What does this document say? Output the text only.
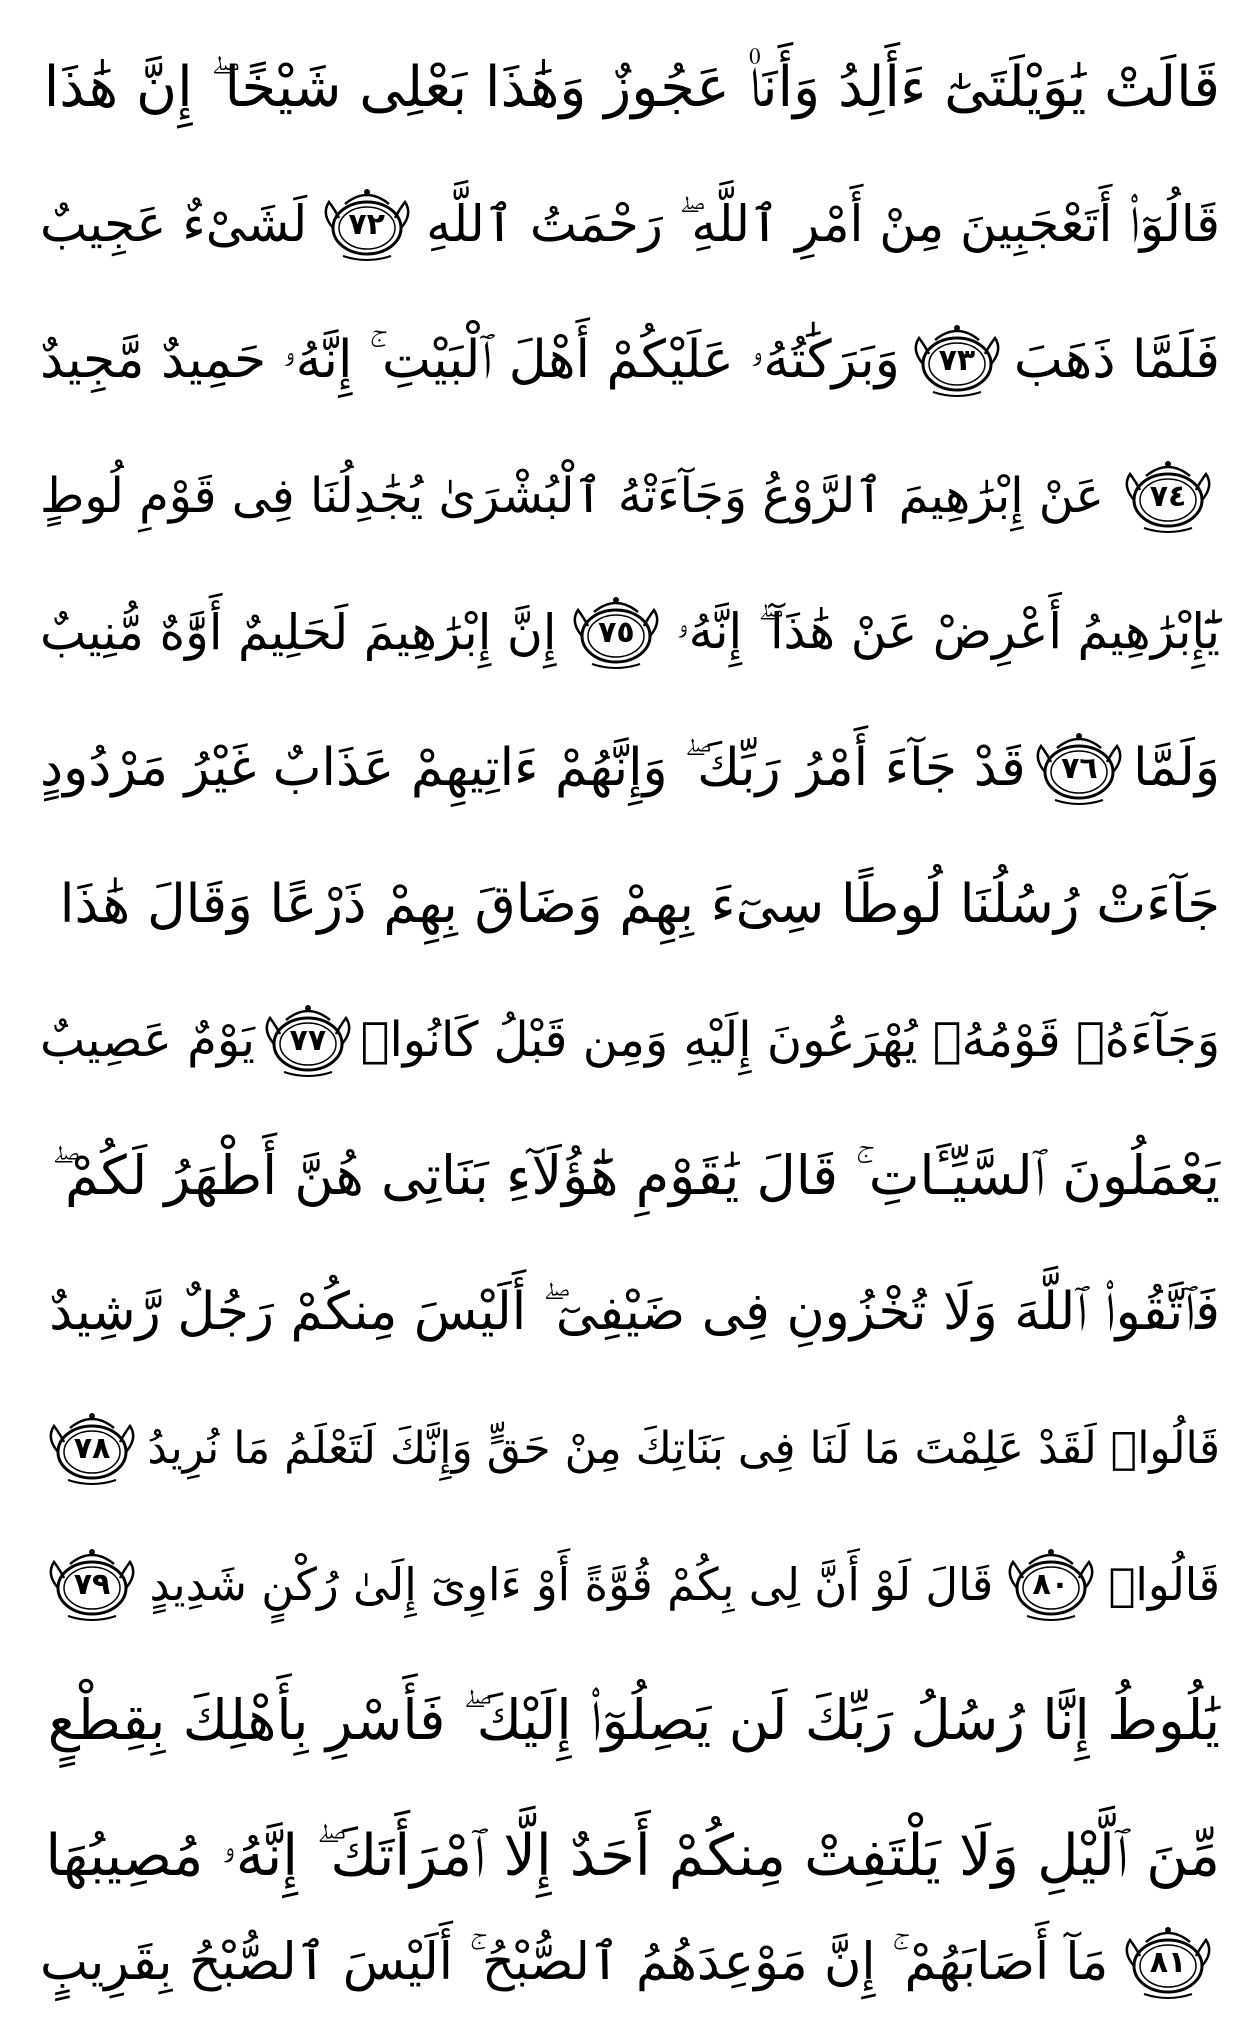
قَالَتْ يَٰوَيْلَتَىٰٓ ءَأَلِدُ وَأَنَا۠ عَجُوزٌ وَهَٰذَا بَعْلِى شَيْخًا ۖ إِنَّ هَٰذَا
قَالُوٓا۟ أَتَعْجَبِينَ مِنْ أَمْرِ ٱللَّهِ ۖ رَحْمَتُ ٱللَّهِ
٧٢
لَشَىْءٌ عَجِيبٌ
فَلَمَّا ذَهَبَ
٧٣
وَبَرَكَٰتُهُۥ عَلَيْكُمْ أَهْلَ ٱلْبَيْتِ ۚ إِنَّهُۥ حَمِيدٌ مَّجِيدٌ
٧٤
عَنْ إِبْرَٰهِيمَ ٱلرَّوْعُ وَجَآءَتْهُ ٱلْبُشْرَىٰ يُجَٰدِلُنَا فِى قَوْمِ لُوطٍ
يَٰٓإِبْرَٰهِيمُ أَعْرِضْ عَنْ هَٰذَآ ۖ إِنَّهُۥ
٧٥
إِنَّ إِبْرَٰهِيمَ لَحَلِيمٌ أَوَّٰهٌ مُّنِيبٌ
وَلَمَّا
٧٦
قَدْ جَآءَ أَمْرُ رَبِّكَ ۖ وَإِنَّهُمْ ءَاتِيهِمْ عَذَابٌ غَيْرُ مَرْدُودٍ
جَآءَتْ رُسُلُنَا لُوطًا سِىٓءَ بِهِمْ وَضَاقَ بِهِمْ ذَرْعًا وَقَالَ هَٰذَا
وَجَآءَهُۥ قَوْمُهُۥ يُهْرَعُونَ إِلَيْهِ وَمِن قَبْلُ كَانُوا۟
٧٧
يَوْمٌ عَصِيبٌ
يَعْمَلُونَ ٱلسَّيِّـَٔاتِ ۚ قَالَ يَٰقَوْمِ هَٰٓؤُلَآءِ بَنَاتِى هُنَّ أَطْهَرُ لَكُمْ ۖ
فَٱتَّقُوا۟ ٱللَّهَ وَلَا تُخْزُونِ فِى ضَيْفِىٓ ۖ أَلَيْسَ مِنكُمْ رَجُلٌ رَّشِيدٌ
قَالُوا۟ لَقَدْ عَلِمْتَ مَا لَنَا فِى بَنَاتِكَ مِنْ حَقٍّ وَإِنَّكَ لَتَعْلَمُ مَا نُرِيدُ
٧٨
قَالُوا۟
٨٠
قَالَ لَوْ أَنَّ لِى بِكُمْ قُوَّةً أَوْ ءَاوِىٓ إِلَىٰ رُكْنٍ شَدِيدٍ
٧٩
يَٰلُوطُ إِنَّا رُسُلُ رَبِّكَ لَن يَصِلُوٓا۟ إِلَيْكَ ۖ فَأَسْرِ بِأَهْلِكَ بِقِطْعٍ
مِّنَ ٱلَّيْلِ وَلَا يَلْتَفِتْ مِنكُمْ أَحَدٌ إِلَّا ٱمْرَأَتَكَ ۖ إِنَّهُۥ مُصِيبُهَا
٨١
مَآ أَصَابَهُمْ ۚ إِنَّ مَوْعِدَهُمُ ٱلصُّبْحُ ۚ أَلَيْسَ ٱلصُّبْحُ بِقَرِيبٍ
